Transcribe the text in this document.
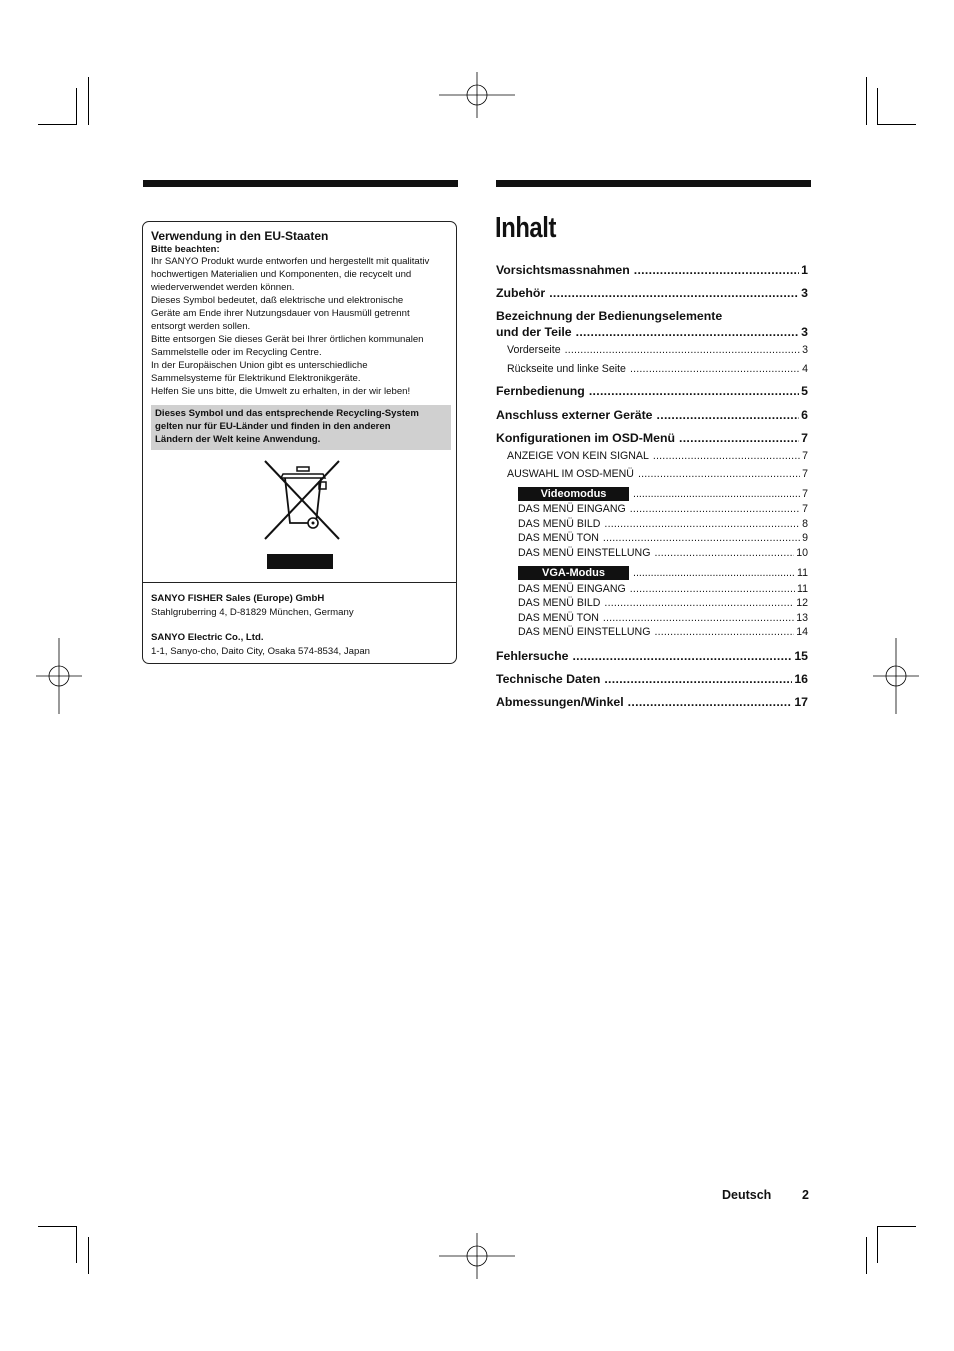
Verwendung in den EU-Staaten
Bitte beachten:
Ihr SANYO Produkt wurde entworfen und hergestellt mit qualitativ
hochwertigen Materialien und Komponenten, die recycelt und
wiederverwendet werden können.
Dieses Symbol bedeutet, daß elektrische und elektronische
Geräte am Ende ihrer Nutzungsdauer von Hausmüll getrennt
entsorgt werden sollen.
Bitte entsorgen Sie dieses Gerät bei Ihrer örtlichen kommunalen
Sammelstelle oder im Recycling Centre.
In der Europäischen Union gibt es unterschiedliche
Sammelsysteme für Elektrikund Elektronikgeräte.
Helfen Sie uns bitte, die Umwelt zu erhalten, in der wir leben!
Dieses Symbol und das entsprechende Recycling-System
gelten nur für EU-Länder und finden in den anderen
Ländern der Welt keine Anwendung.
SANYO FISHER Sales (Europe) GmbH
Stahlgruberring 4, D-81829 München, Germany
SANYO Electric Co., Ltd.
1-1, Sanyo-cho, Daito City, Osaka 574-8534, Japan
Inhalt
Vorsichtsmassnahmen .....	1
Zubehör .....	3
Bezeichnung der Bedienungselemente
und der Teile .....	3
Vorderseite .....	3
Rückseite und linke Seite .....	4
Fernbedienung .....	5
Anschluss externer Geräte .....	6
Konfigurationen im OSD-Menü .....	7
ANZEIGE VON KEIN SIGNAL .....	7
AUSWAHL IM OSD-MENÜ .....	7
Videomodus .....	7
DAS MENÜ EINGANG .....	7
DAS MENÜ BILD .....	8
DAS MENÜ TON .....	9
DAS MENÜ EINSTELLUNG .....	10
VGA-Modus .....	11
DAS MENÜ EINGANG .....	11
DAS MENÜ BILD .....	12
DAS MENÜ TON .....	13
DAS MENÜ EINSTELLUNG .....	14
Fehlersuche .....	15
Technische Daten .....	16
Abmessungen/Winkel .....	17
Deutsch 2
